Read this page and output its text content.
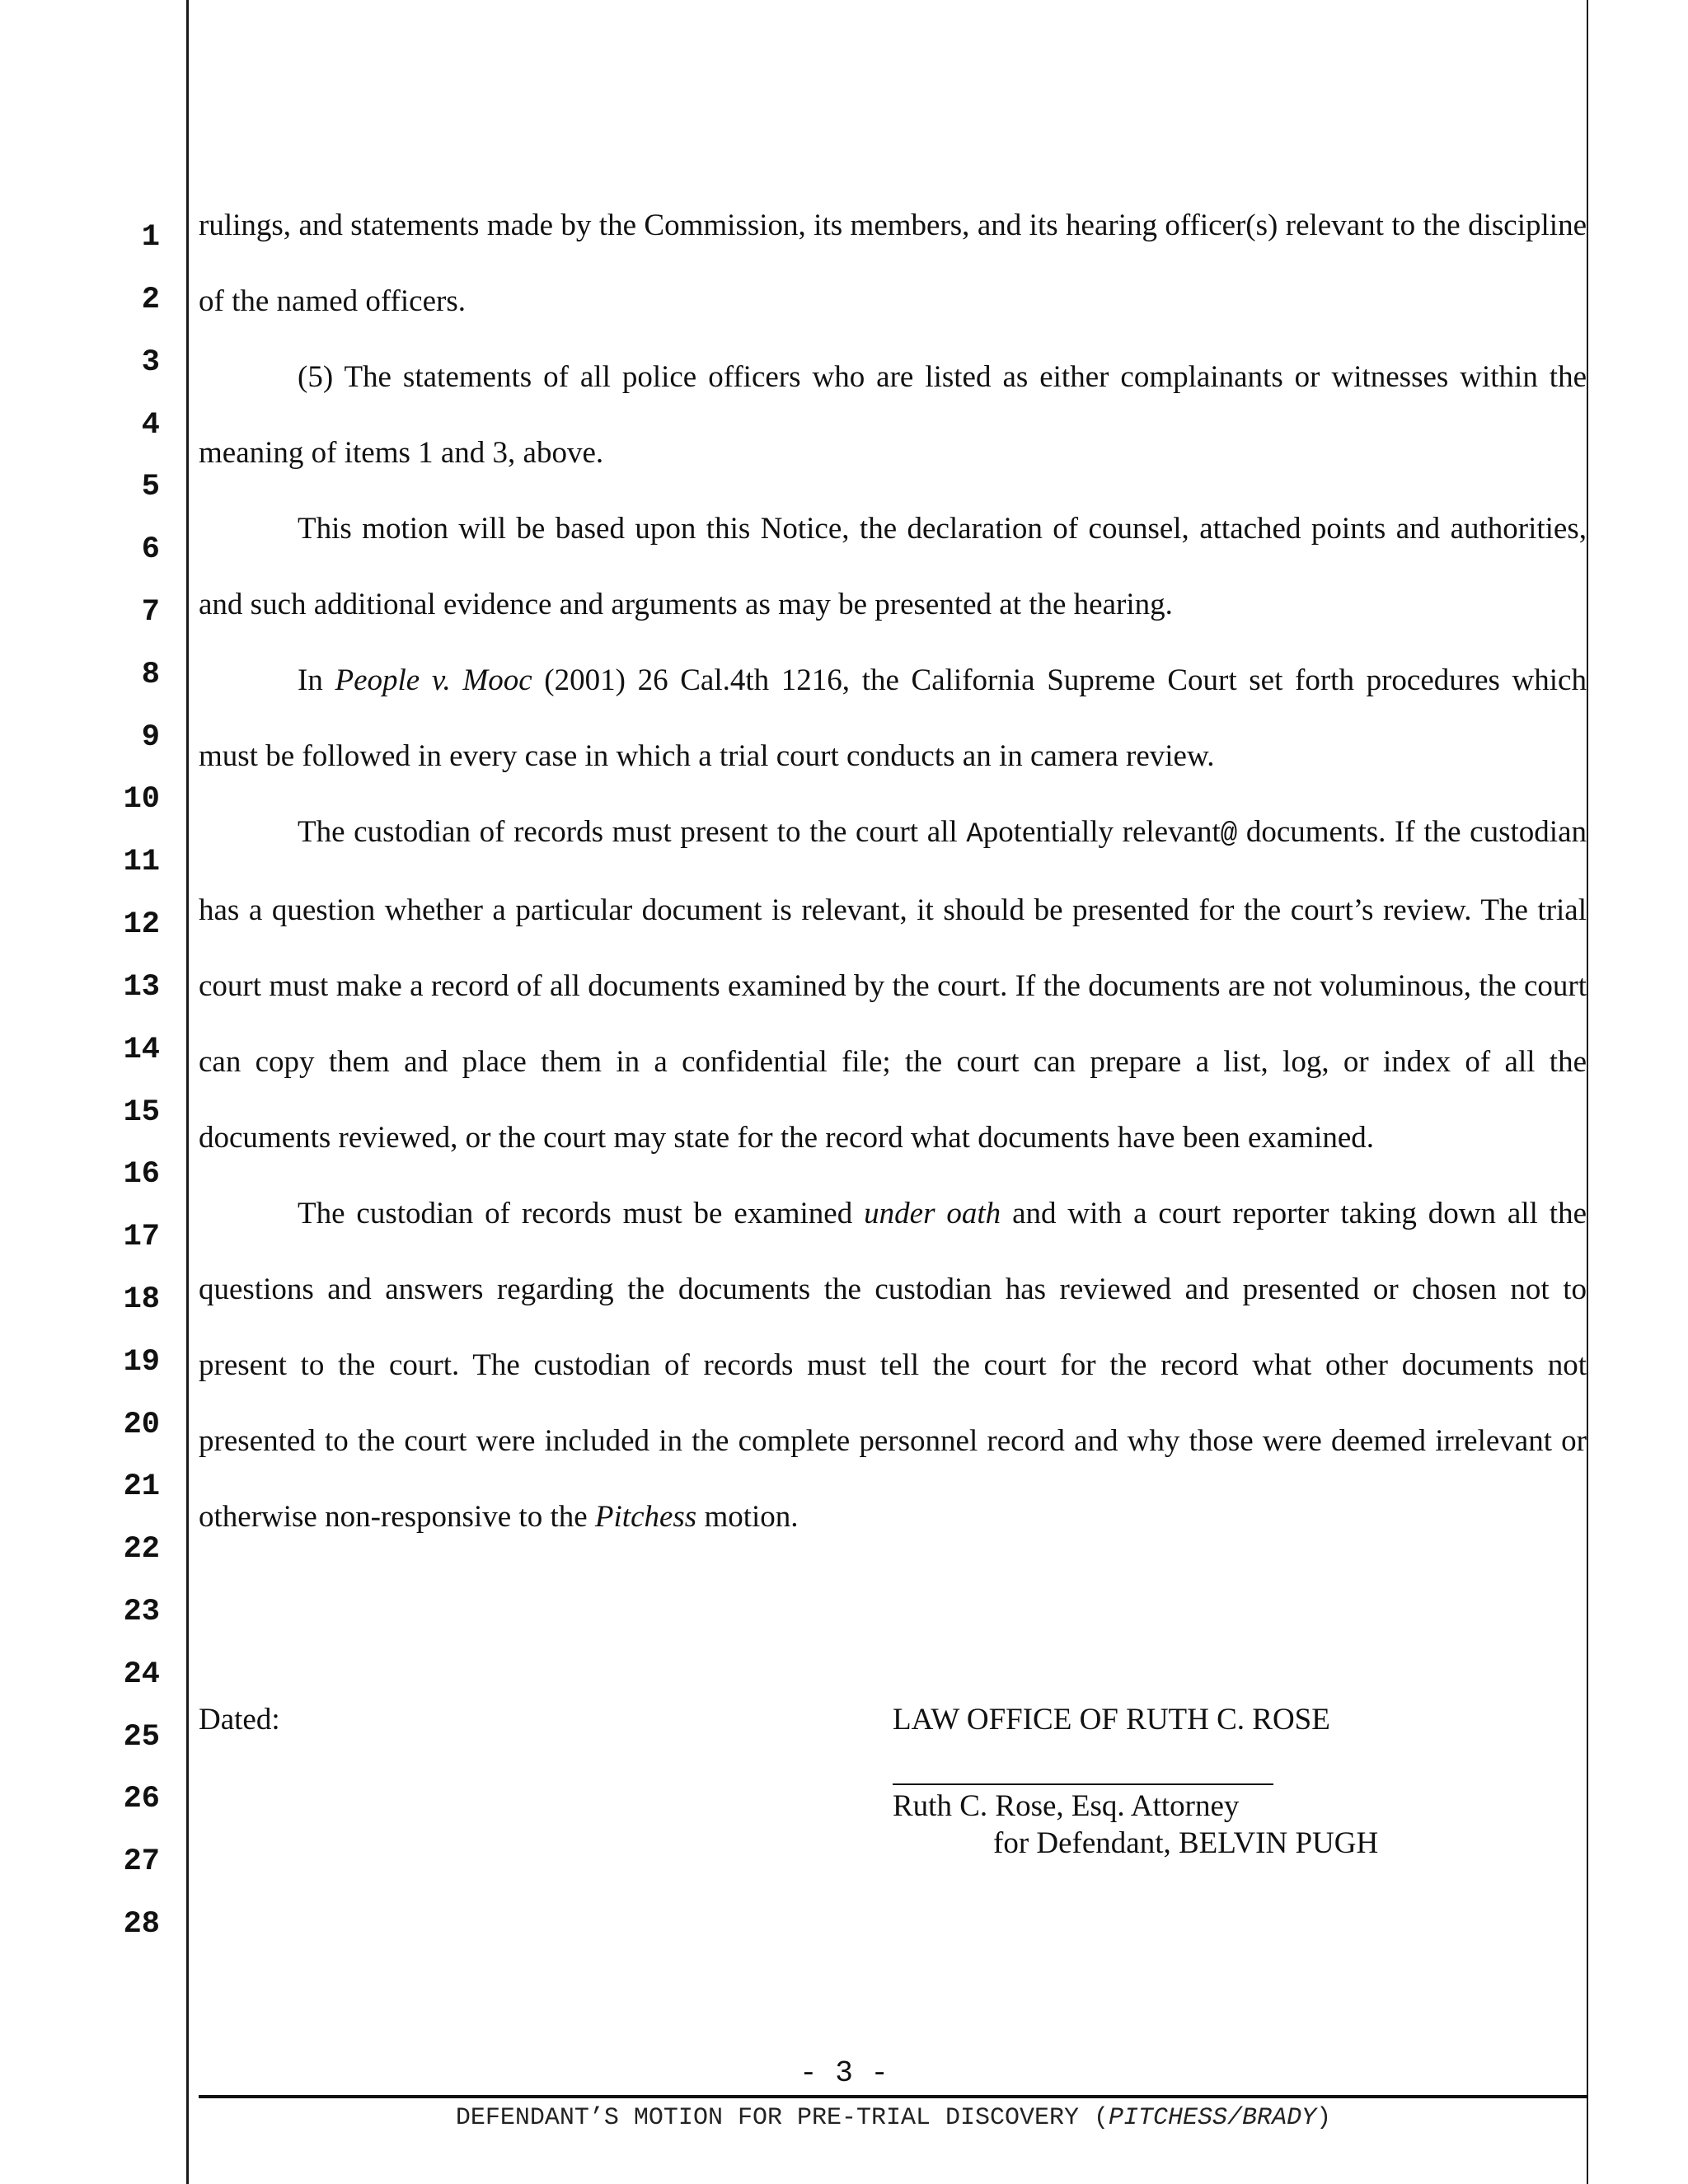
1
2
3
4
5
6
7
8
9
10
11
12
13
14
15
16
17
18
19
20
21
22
23
24
25
26
27
28

rulings, and statements made by the Commission, its members, and its hearing officer(s) relevant to the discipline of the named officers.

(5) The statements of all police officers who are listed as either complainants or witnesses within the meaning of items 1 and 3, above.

This motion will be based upon this Notice, the declaration of counsel, attached points and authorities, and such additional evidence and arguments as may be presented at the hearing.

In People v. Mooc (2001) 26 Cal.4th 1216, the California Supreme Court set forth procedures which must be followed in every case in which a trial court conducts an in camera review.

The custodian of records must present to the court all Apotentially relevant@ documents. If the custodian has a question whether a particular document is relevant, it should be presented for the court’s review. The trial court must make a record of all documents examined by the court. If the documents are not voluminous, the court can copy them and place them in a confidential file; the court can prepare a list, log, or index of all the documents reviewed, or the court may state for the record what documents have been examined.

The custodian of records must be examined under oath and with a court reporter taking down all the questions and answers regarding the documents the custodian has reviewed and presented or chosen not to present to the court. The custodian of records must tell the court for the record what other documents not presented to the court were included in the complete personnel record and why those were deemed irrelevant or otherwise non-responsive to the Pitchess motion.

Dated:	LAW OFFICE OF RUTH C. ROSE
Ruth C. Rose, Esq. Attorney
for Defendant, BELVIN PUGH
- 3 -
DEFENDANT’S MOTION FOR PRE-TRIAL DISCOVERY (PITCHESS/BRADY)
